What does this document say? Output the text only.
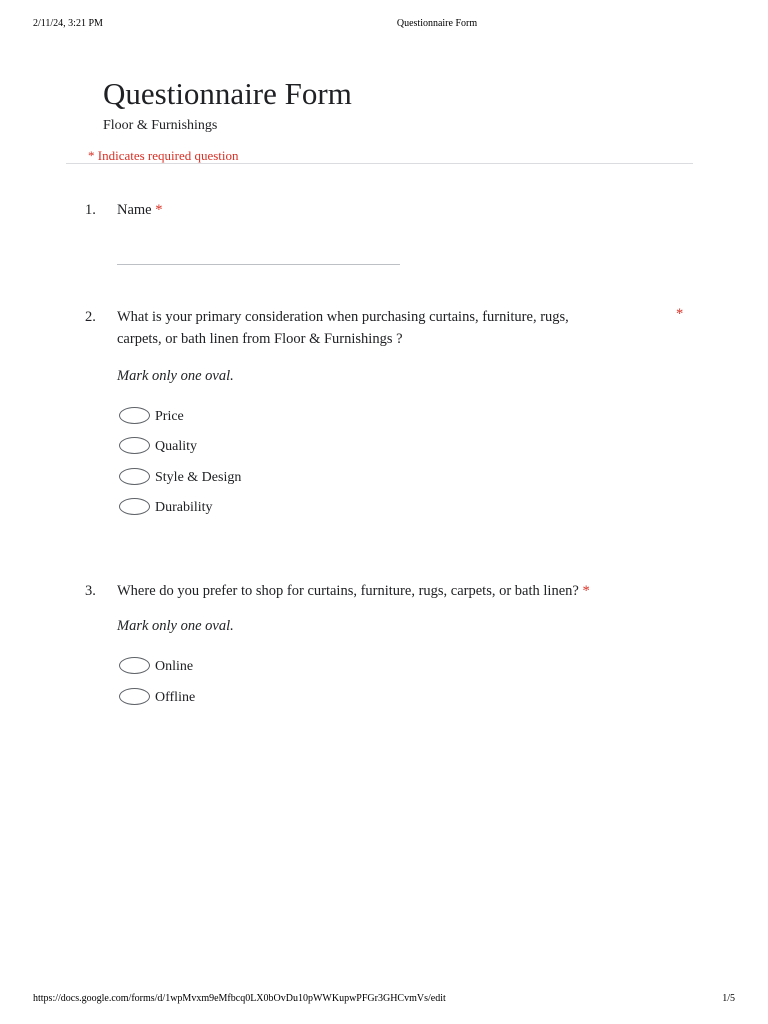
2/11/24, 3:21 PM	Questionnaire Form
Questionnaire Form
Floor & Furnishings
* Indicates required question
1. Name *
2. What is your primary consideration when purchasing curtains, furniture, rugs,
carpets, or bath linen from Floor & Furnishings ?
*
Mark only one oval.
Price
Quality
Style & Design
Durability
3. Where do you prefer to shop for curtains, furniture, rugs, carpets, or bath linen? *
Mark only one oval.
Online
Offline
https://docs.google.com/forms/d/1wpMvxm9eMfbcq0LX0bOvDu10pWWKupwPFGr3GHCvmVs/edit	1/5
